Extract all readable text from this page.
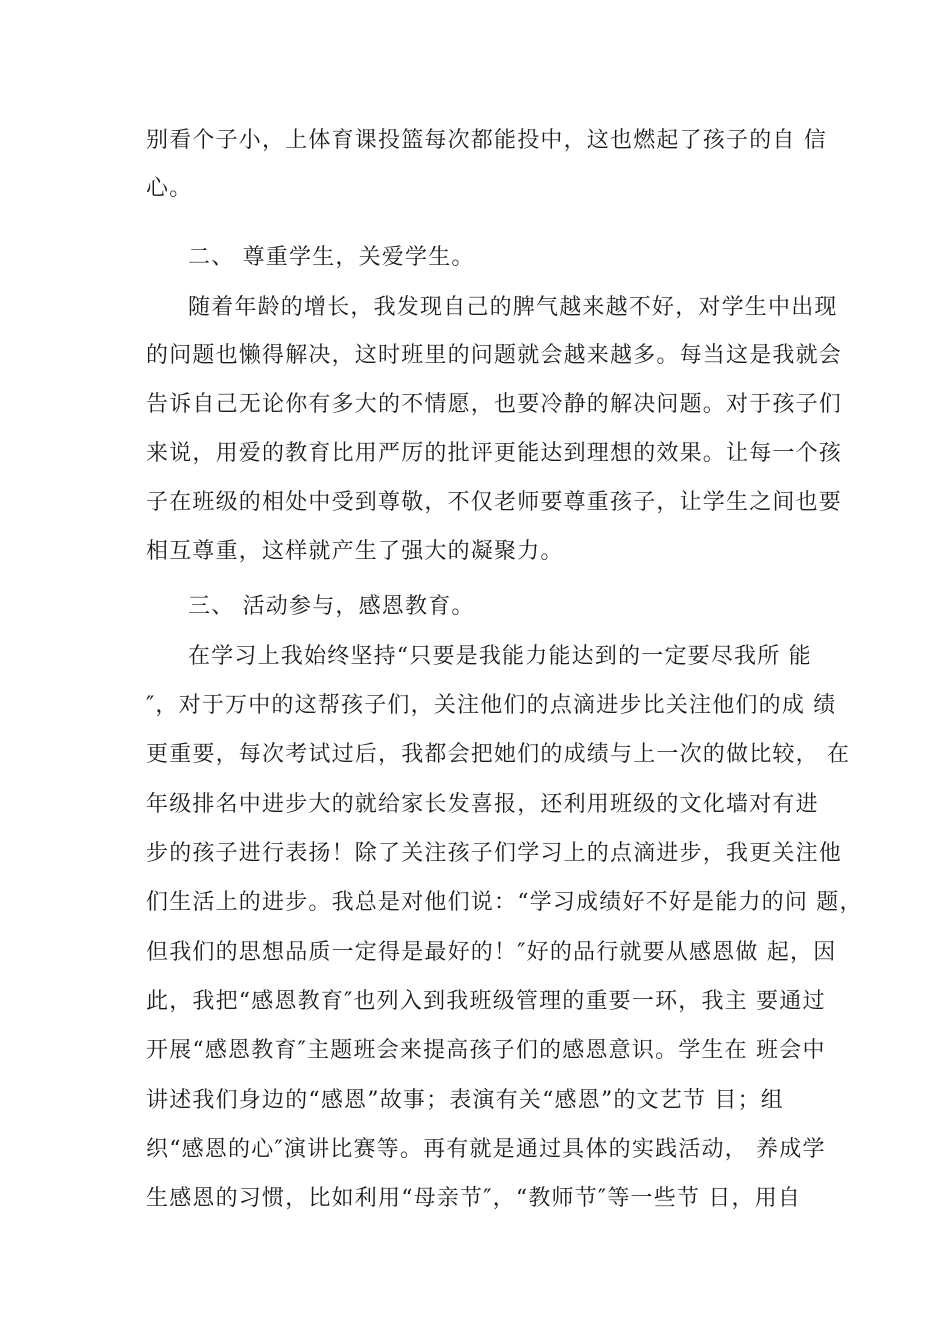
别看个子小，上体育课投篮每次都能投中，这也燃起了孩子的自 信
心。
二、 尊重学生，关爱学生。
随着年龄的增长，我发现自己的脾气越来越不好，对学生中出现
的问题也懒得解决，这时班里的问题就会越来越多。每当这是我就会
告诉自己无论你有多大的不情愿，也要冷静的解决问题。对于孩子们
来说，用爱的教育比用严厉的批评更能达到理想的效果。让每一个孩
子在班级的相处中受到尊敬，不仅老师要尊重孩子，让学生之间也要
相互尊重，这样就产生了强大的凝聚力。
三、 活动参与，感恩教育。
在学习上我始终坚持“只要是我能力能达到的一定要尽我所 能
″，对于万中的这帮孩子们，关注他们的点滴进步比关注他们的成 绩
更重要，每次考试过后，我都会把她们的成绩与上一次的做比较， 在
年级排名中进步大的就给家长发喜报，还利用班级的文化墙对有进
步的孩子进行表扬！除了关注孩子们学习上的点滴进步，我更关注他
们生活上的进步。我总是对他们说：“学习成绩好不好是能力的问 题，
但我们的思想品质一定得是最好的！″好的品行就要从感恩做 起，因
此，我把“感恩教育″也列入到我班级管理的重要一环，我主 要通过
开展“感恩教育″主题班会来提高孩子们的感恩意识。学生在 班会中
讲述我们身边的“感恩”故事；表演有关“感恩”的文艺节 目；组
织“感恩的心″演讲比赛等。再有就是通过具体的实践活动， 养成学
生感恩的习惯，比如利用“母亲节″，“教师节″等一些节 日，用自
